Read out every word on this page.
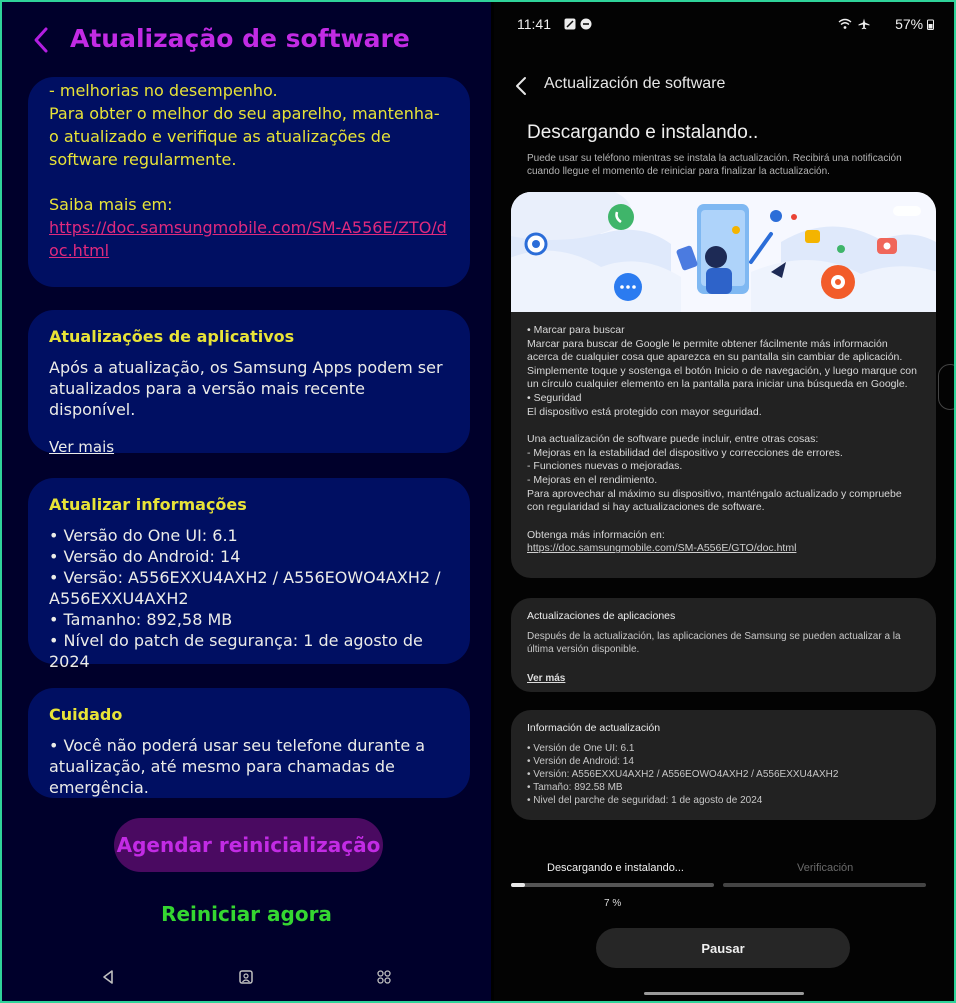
Atualização de software

- melhorias no desempenho.

Para obter o melhor do seu aparelho, mantenha-o atualizado e verifique as atualizações de software regularmente.

Saiba mais em:

https://doc.samsungmobile.com/SM-A556E/ZTO/doc.html

Atualizações de aplicativos

Após a atualização, os Samsung Apps podem ser atualizados para a versão mais recente disponível.

Ver mais

Atualizar informações

• Versão do One UI: 6.1

• Versão do Android: 14

• Versão: A556EXXU4AXH2 / A556EOWO4AXH2 / A556EXXU4AXH2

• Tamanho: 892,58 MB

• Nível do patch de segurança: 1 de agosto de 2024

Cuidado

• Você não poderá usar seu telefone durante a atualização, até mesmo para chamadas de emergência.

Agendar reinicialização
Reiniciar agora
11:41	57%
Actualización de software
Descargando e instalando..

Puede usar su teléfono mientras se instala la actualización. Recibirá una notificación cuando llegue el momento de reiniciar para finalizar la actualización.

• Marcar para buscar

Marcar para buscar de Google le permite obtener fácilmente más información acerca de cualquier cosa que aparezca en su pantalla sin cambiar de aplicación. Simplemente toque y sostenga el botón Inicio o de navegación, y luego marque con un círculo cualquier elemento en la pantalla para iniciar una búsqueda en Google.

• Seguridad

El dispositivo está protegido con mayor seguridad.

Una actualización de software puede incluir, entre otras cosas:

- Mejoras en la estabilidad del dispositivo y correcciones de errores.

- Funciones nuevas o mejoradas.

- Mejoras en el rendimiento.

Para aprovechar al máximo su dispositivo, manténgalo actualizado y compruebe con regularidad si hay actualizaciones de software.

Obtenga más información en:

https://doc.samsungmobile.com/SM-A556E/GTO/doc.html

Actualizaciones de aplicaciones

Después de la actualización, las aplicaciones de Samsung se pueden actualizar a la última versión disponible.

Ver más

Información de actualización

• Versión de One UI: 6.1

• Versión de Android: 14

• Versión: A556EXXU4AXH2 / A556EOWO4AXH2 / A556EXXU4AXH2

• Tamaño: 892.58 MB

• Nivel del parche de seguridad: 1 de agosto de 2024

Descargando e instalando...	Verificación
7 %
Pausar
